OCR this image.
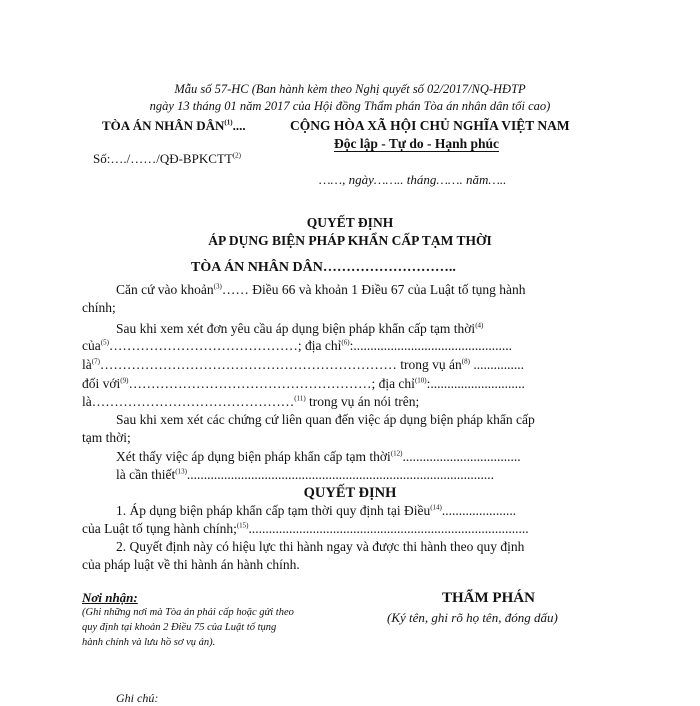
Mẫu số 57-HC (Ban hành kèm theo Nghị quyết số 02/2017/NQ-HĐTP
ngày 13 tháng 01 năm 2017 của Hội đồng Thẩm phán Tòa án nhân dân tối cao)
TÒA ÁN NHÂN DÂN$^{(1)}$....	CỘNG HÒA XÃ HỘI CHỦ NGHĨA VIỆT NAM
Độc lập - Tự do - Hạnh phúc
Số:…./……/QĐ-BPKCTT$^{(2)}$
……, ngày…….. tháng……. năm…..
QUYẾT ĐỊNH
ÁP DỤNG BIỆN PHÁP KHẨN CẤP TẠM THỜI
TÒA ÁN NHÂN DÂN………………………..
Căn cứ vào khoản$^{(3)}$…… Điều 66 và khoản 1 Điều 67 của Luật tố tụng hành
chính;
Sau khi xem xét đơn yêu cầu áp dụng biện pháp khẩn cấp tạm thời$^{(4)}$
của$^{(5)}$……………………………………; địa chỉ$^{(6)}$:...............................................
$là^{(7)}\dots\dots\dots\dots\dots\dots\dots\dots\dots\dots\dots\dots\dots\dots\dots\dots\dots\dots\dots\dots\dots\dots$ trong vụ $án^{(8)}$ ...............
đối với$^{(9)}$………………………………………………; địa chỉ$^{(10)}$:............................
là………………………………………$^{(11)}$ trong vụ án nói trên;
Sau khi xem xét các chứng cứ liên quan đến việc áp dụng biện pháp khẩn cấp
tạm thời;
Xét thấy việc áp dụng biện pháp khẩn cấp tạm thời$^{(12)}$...................................
là cần thiết$^{(13)}$...........................................................................................
QUYẾT ĐỊNH
1. Áp dụng biện pháp khẩn cấp tạm thời quy định tại Điều$^{(14)}$......................
của Luật tố tụng hành chính;$^{(15)}$...................................................................................
2. Quyết định này có hiệu lực thi hành ngay và được thi hành theo quy định
của pháp luật về thi hành án hành chính.
Nơi nhận:
(Ghi những nơi mà Tòa án phải cấp hoặc gửi theo
quy định tại khoản 2 Điều 75 của Luật tố tụng
hành chính và lưu hồ sơ vụ án).
THẨM PHÁN
(Ký tên, ghi rõ họ tên, đóng dấu)
Ghi chú:
